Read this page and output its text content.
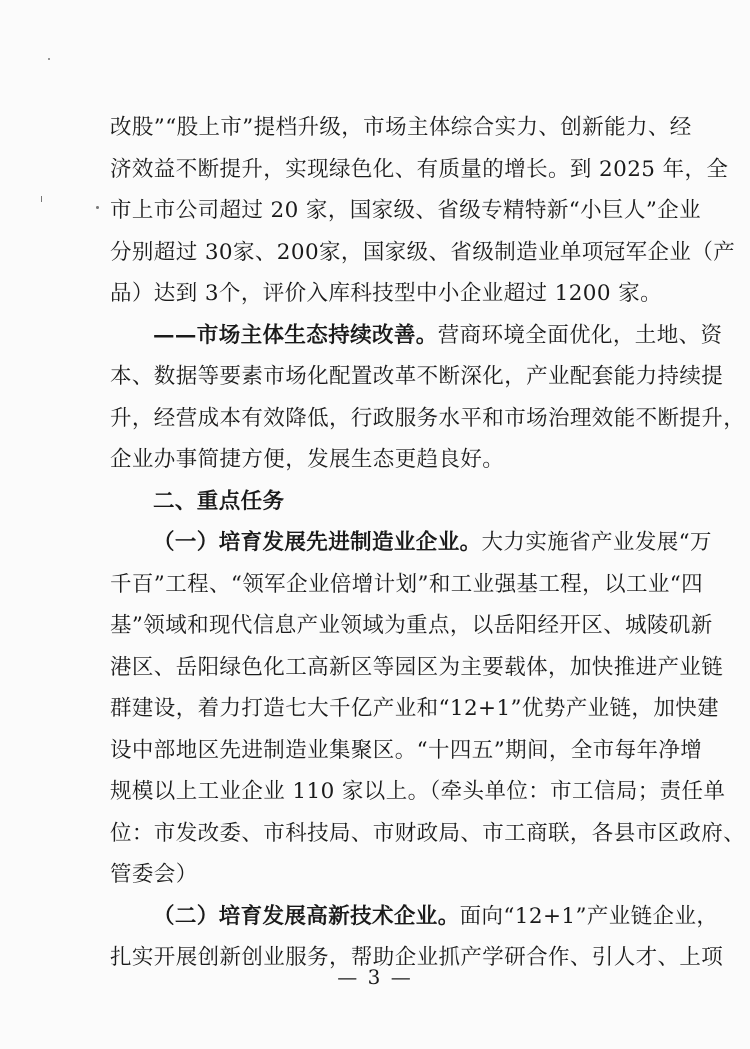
改股”“股上市”提档升级，市场主体综合实力、创新能力、经
济效益不断提升，实现绿色化、有质量的增长。到 2025 年，全
市上市公司超过 20 家，国家级、省级专精特新“小巨人”企业
分别超过 30家、200家，国家级、省级制造业单项冠军企业（产
品）达到 3个，评价入库科技型中小企业超过 1200 家。
——市场主体生态持续改善。营商环境全面优化，土地、资
本、数据等要素市场化配置改革不断深化，产业配套能力持续提
升，经营成本有效降低，行政服务水平和市场治理效能不断提升，
企业办事简捷方便，发展生态更趋良好。
二、重点任务
（一）培育发展先进制造业企业。大力实施省产业发展“万
千百”工程、“领军企业倍增计划”和工业强基工程，以工业“四
基”领域和现代信息产业领域为重点，以岳阳经开区、城陵矶新
港区、岳阳绿色化工高新区等园区为主要载体，加快推进产业链
群建设，着力打造七大千亿产业和“12+1”优势产业链，加快建
设中部地区先进制造业集聚区。“十四五”期间，全市每年净增
规模以上工业企业 110 家以上。（牵头单位：市工信局；责任单
位：市发改委、市科技局、市财政局、市工商联，各县市区政府、
管委会）
（二）培育发展高新技术企业。面向“12+1”产业链企业，
扎实开展创新创业服务，帮助企业抓产学研合作、引人才、上项
— 3 —
